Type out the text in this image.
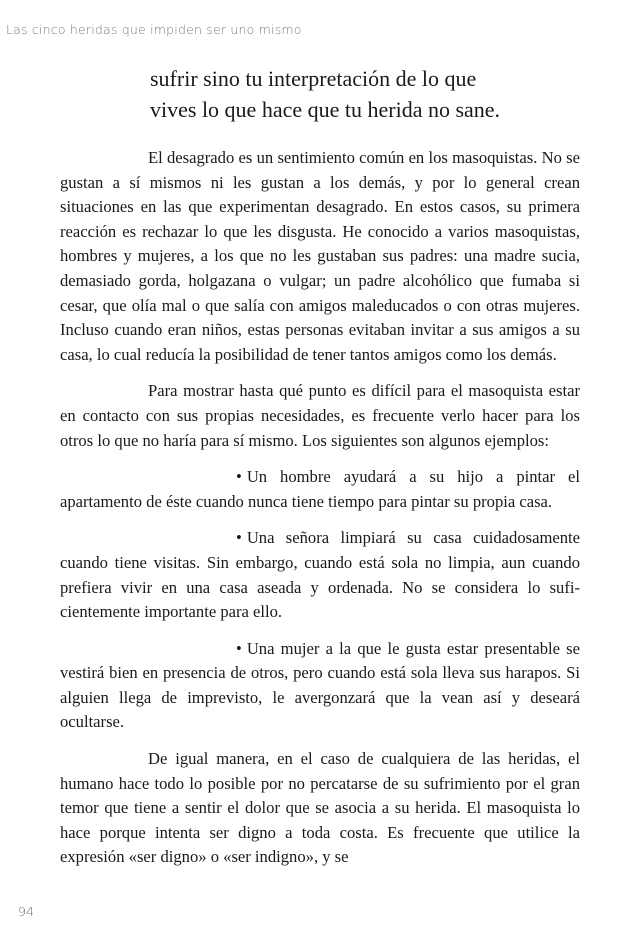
Las cinco heridas que impiden ser uno mismo
sufrir sino tu interpretación de lo que
vives lo que hace que tu herida no sane.

El desagrado es un sentimiento común en los masoquistas. No se gustan a sí mismos ni les gustan a los demás, y por lo general crean situaciones en las que experimentan desagrado. En estos casos, su primera reacción es rechazar lo que les disgusta. He conocido a varios masoquistas, hombres y mujeres, a los que no les gustaban sus padres: una madre sucia, demasiado gorda, holgazana o vulgar; un padre alcohólico que fumaba si cesar, que olía mal o que salía con amigos maleducados o con otras mujeres. Incluso cuando eran niños, estas personas evitaban invitar a sus amigos a su casa, lo cual reducía la posibilidad de tener tantos amigos como los demás.

Para mostrar hasta qué punto es difícil para el masoquista estar en contacto con sus propias necesidades, es frecuente verlo hacer para los otros lo que no haría para sí mismo. Los siguientes son algunos ejemplos:

• Un hombre ayudará a su hijo a pintar el apartamento de éste cuando nunca tiene tiempo para pintar su propia casa.

• Una señora limpiará su casa cuidadosamente cuando tiene visitas. Sin embargo, cuando está sola no limpia, aun cuando prefiera vivir en una casa aseada y ordenada. No se considera lo suficientemente importante para ello.

• Una mujer a la que le gusta estar presentable se vestirá bien en presencia de otros, pero cuando está sola lleva sus harapos. Si alguien llega de imprevisto, le avergonzará que la vean así y deseará ocultarse.

De igual manera, en el caso de cualquiera de las heridas, el humano hace todo lo posible por no percatarse de su sufrimiento por el gran temor que tiene a sentir el dolor que se asocia a su herida. El masoquista lo hace porque intenta ser digno a toda costa. Es frecuente que utilice la expresión «ser digno» o «ser indigno», y se

94
